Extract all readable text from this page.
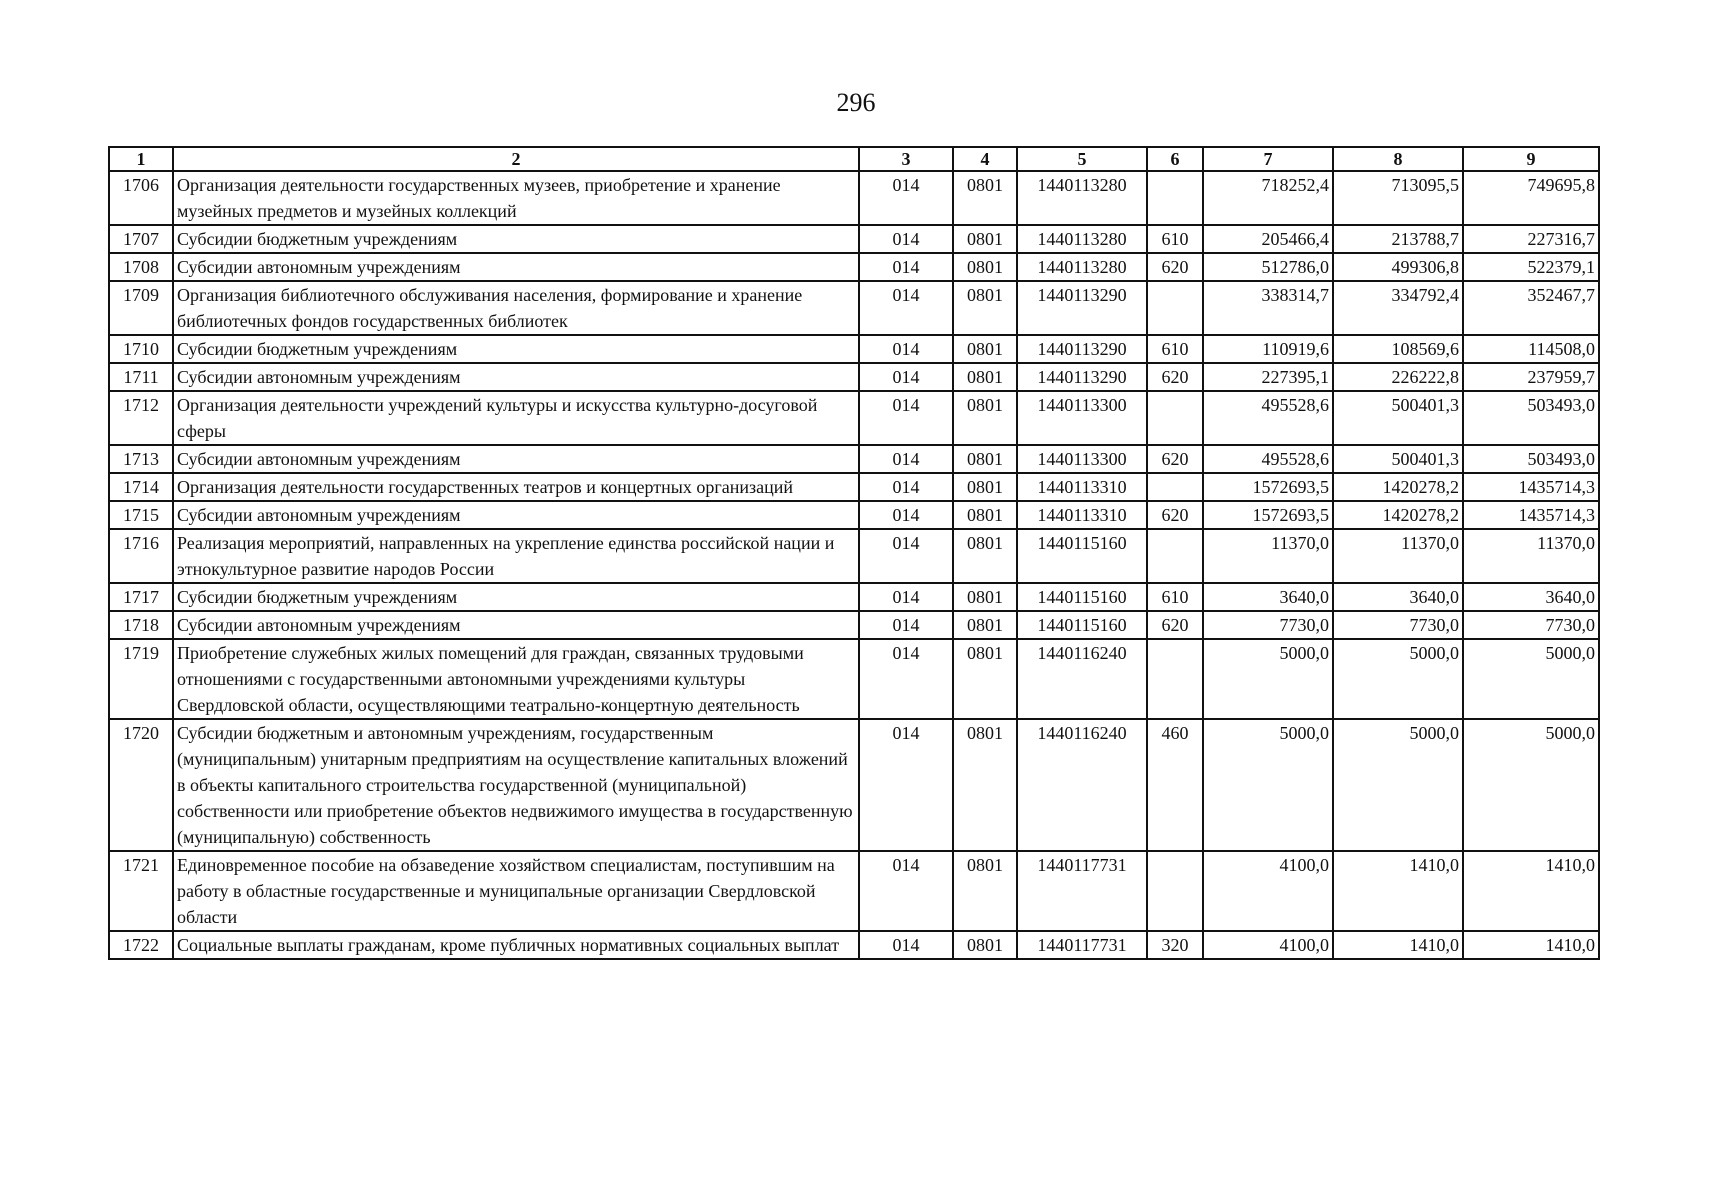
296
1	2	3	4	5	6	7	8	9
1706	Организация деятельности государственных музеев, приобретение и хранение музейных предметов и музейных коллекций	014	0801	1440113280		718252,4	713095,5	749695,8
1707	Субсидии бюджетным учреждениям	014	0801	1440113280	610	205466,4	213788,7	227316,7
1708	Субсидии автономным учреждениям	014	0801	1440113280	620	512786,0	499306,8	522379,1
1709	Организация библиотечного обслуживания населения, формирование и хранение библиотечных фондов государственных библиотек	014	0801	1440113290		338314,7	334792,4	352467,7
1710	Субсидии бюджетным учреждениям	014	0801	1440113290	610	110919,6	108569,6	114508,0
1711	Субсидии автономным учреждениям	014	0801	1440113290	620	227395,1	226222,8	237959,7
1712	Организация деятельности учреждений культуры и искусства культурно-досуговой сферы	014	0801	1440113300		495528,6	500401,3	503493,0
1713	Субсидии автономным учреждениям	014	0801	1440113300	620	495528,6	500401,3	503493,0
1714	Организация деятельности государственных театров и концертных организаций	014	0801	1440113310		1572693,5	1420278,2	1435714,3
1715	Субсидии автономным учреждениям	014	0801	1440113310	620	1572693,5	1420278,2	1435714,3
1716	Реализация мероприятий, направленных на укрепление единства российской нации и этнокультурное развитие народов России	014	0801	1440115160		11370,0	11370,0	11370,0
1717	Субсидии бюджетным учреждениям	014	0801	1440115160	610	3640,0	3640,0	3640,0
1718	Субсидии автономным учреждениям	014	0801	1440115160	620	7730,0	7730,0	7730,0
1719	Приобретение служебных жилых помещений для граждан, связанных трудовыми отношениями с государственными автономными учреждениями культуры Свердловской области, осуществляющими театрально-концертную деятельность	014	0801	1440116240		5000,0	5000,0	5000,0
1720	Субсидии бюджетным и автономным учреждениям, государственным (муниципальным) унитарным предприятиям на осуществление капитальных вложений в объекты капитального строительства государственной (муниципальной) собственности или приобретение объектов недвижимого имущества в государственную (муниципальную) собственность	014	0801	1440116240	460	5000,0	5000,0	5000,0
1721	Единовременное пособие на обзаведение хозяйством специалистам, поступившим на работу в областные государственные и муниципальные организации Свердловской области	014	0801	1440117731		4100,0	1410,0	1410,0
1722	Социальные выплаты гражданам, кроме публичных нормативных социальных выплат	014	0801	1440117731	320	4100,0	1410,0	1410,0
